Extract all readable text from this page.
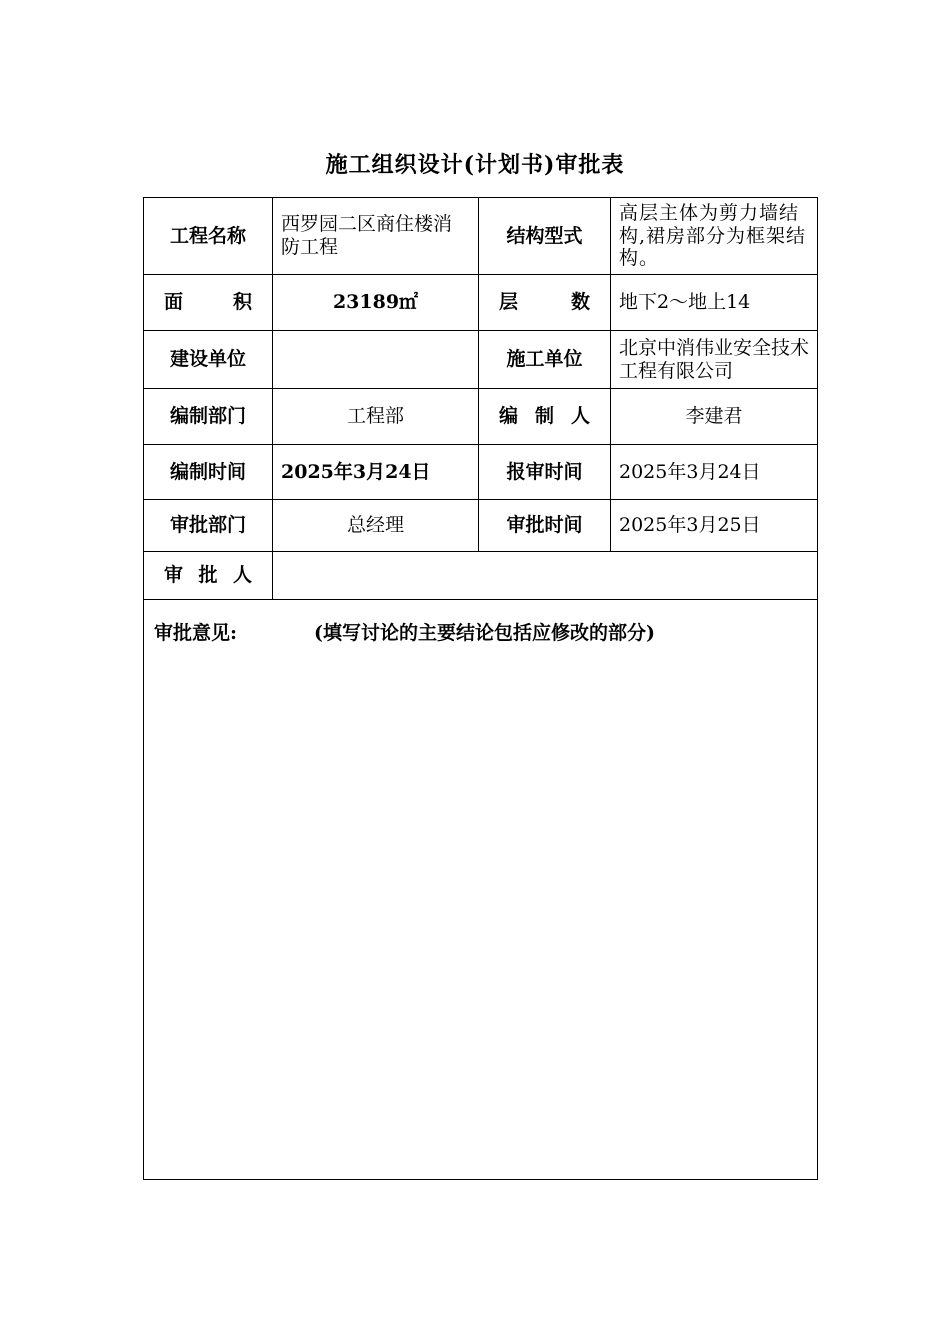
施工组织设计(计划书)审批表
工程名称	西罗园二区商住楼消防工程	结构型式	高层主体为剪力墙结构,裙房部分为框架结构。
面积	23189㎡	层数	地下2～地上14
建设单位		施工单位	北京中消伟业安全技术工程有限公司
编制部门	工程部	编制人	李建君
编制时间	2025年3月24日	报审时间	2025年3月24日
审批部门	总经理	审批时间	2025年3月25日
审批人			
审批意见: (填写讨论的主要结论包括应修改的部分)			
